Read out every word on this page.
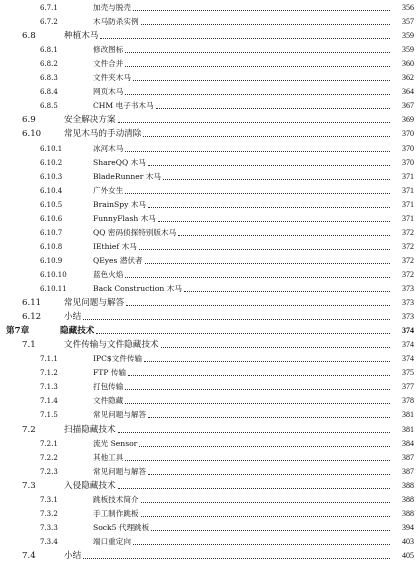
6.7.1	加壳与脱壳	356
6.7.2	木马防杀实例	357
6.8	种植木马	359
6.8.1	修改图标	359
6.8.2	文件合并	360
6.8.3	文件夹木马	362
6.8.4	网页木马	364
6.8.5	CHM 电子书木马	367
6.9	安全解决方案	369
6.10	常见木马的手动清除	370
6.10.1	冰河木马	370
6.10.2	ShareQQ 木马	370
6.10.3	BladeRunner 木马	371
6.10.4	广外女生	371
6.10.5	BrainSpy 木马	371
6.10.6	FunnyFlash 木马	371
6.10.7	QQ 密码侦探特别版木马	372
6.10.8	IEthief 木马	372
6.10.9	QEyes 潜伏者	372
6.10.10	蓝色火焰	372
6.10.11	Back Construction 木马	373
6.11	常见问题与解答	373
6.12	小结	373
第7章	隐藏技术	374
7.1	文件传输与文件隐藏技术	374
7.1.1	IPC$文件传输	374
7.1.2	FTP 传输	375
7.1.3	打包传输	377
7.1.4	文件隐藏	378
7.1.5	常见问题与解答	381
7.2	扫描隐藏技术	381
7.2.1	流光 Sensor	384
7.2.2	其他工具	387
7.2.3	常见问题与解答	387
7.3	入侵隐藏技术	388
7.3.1	跳板技术简介	388
7.3.2	手工制作跳板	388
7.3.3	Sock5 代理跳板	394
7.3.4	端口重定向	403
7.4	小结	405
